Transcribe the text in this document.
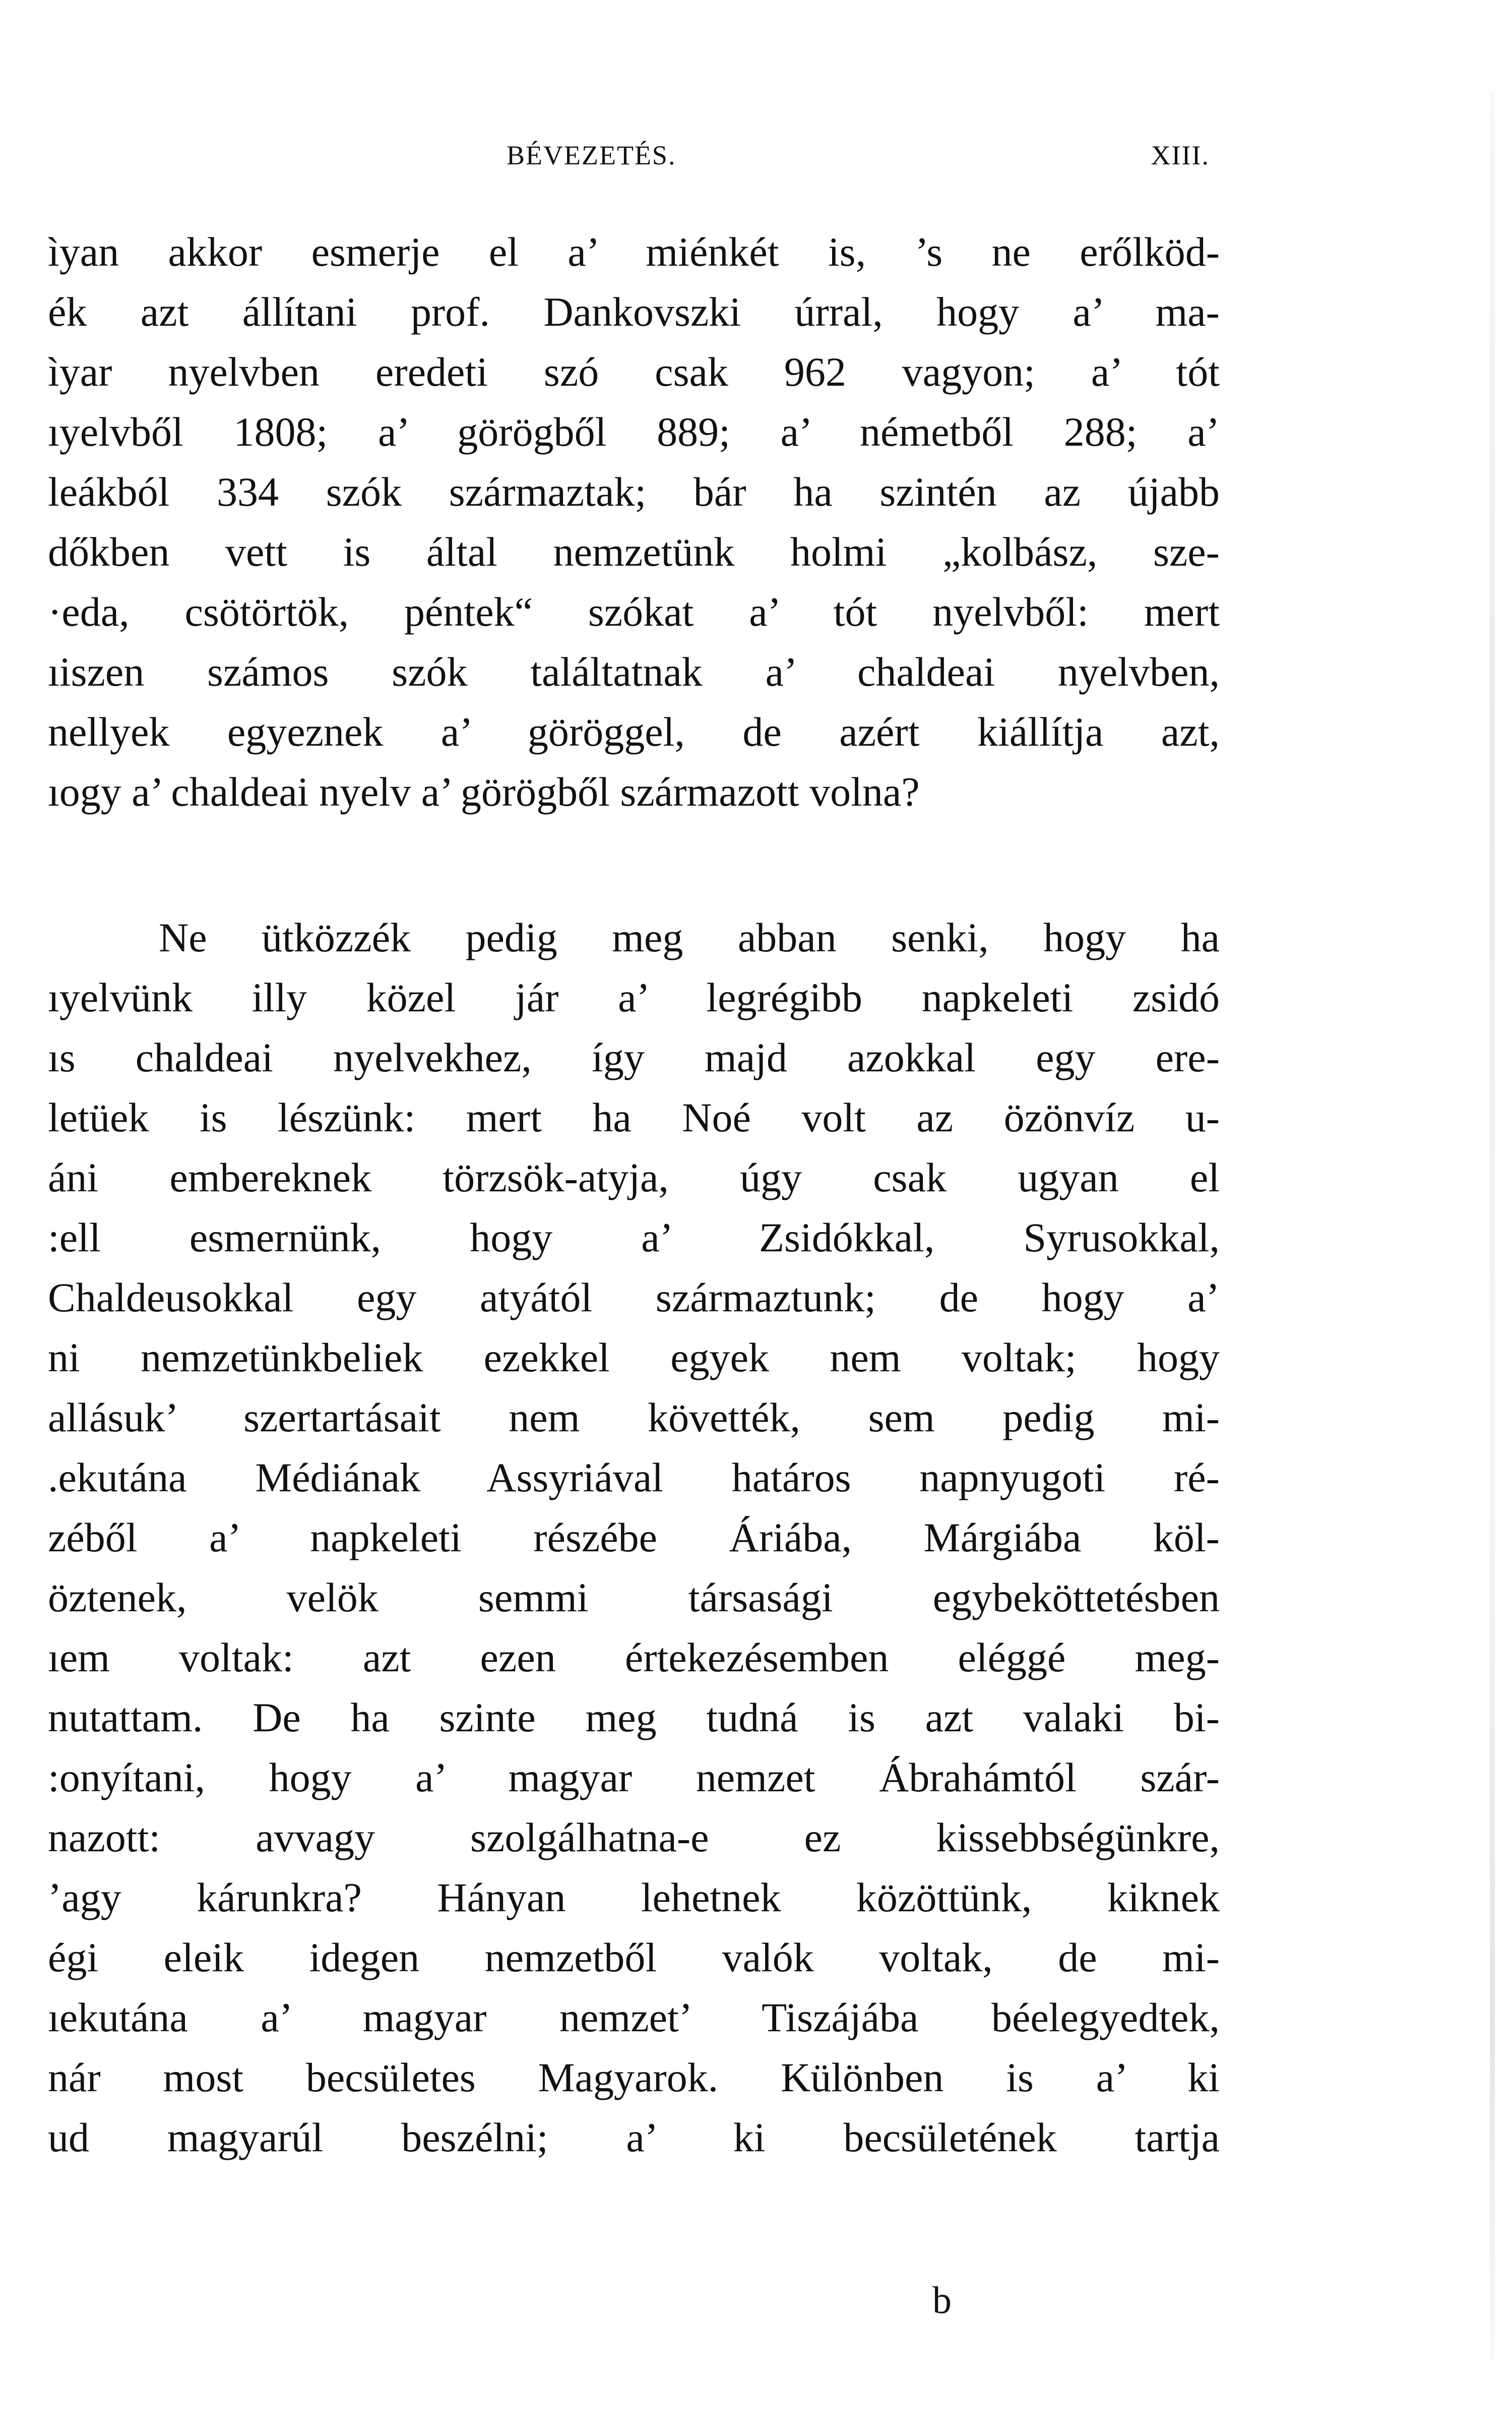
BÉVEZETÉS.	XIII.
ìyan akkor esmerje el a’ miénkét is, ’s ne erőlköd-
ék azt állítani prof. Dankovszki úrral, hogy a’ ma-
ìyar nyelvben eredeti szó csak 962 vagyon; a’ tót
ıyelvből 1808; a’ görögből 889; a’ németből 288; a’
leákból 334 szók származtak; bár ha szintén az újabb
dőkben vett is által nemzetünk holmi „kolbász, sze-
·eda, csötörtök, péntek“ szókat a’ tót nyelvből: mert
ıiszen számos szók találtatnak a’ chaldeai nyelvben,
nellyek egyeznek a’ göröggel, de azért kiállítja azt,
ıogy a’ chaldeai nyelv a’ görögből származott volna?
Ne ütközzék pedig meg abban senki, hogy ha
ıyelvünk illy közel jár a’ legrégibb napkeleti zsidó
ıs chaldeai nyelvekhez, így majd azokkal egy ere-
letüek is lészünk: mert ha Noé volt az özönvíz u-
áni embereknek törzsök-atyja, úgy csak ugyan el
:ell esmernünk, hogy a’ Zsidókkal, Syrusokkal,
Chaldeusokkal egy atyától származtunk; de hogy a’
ni nemzetünkbeliek ezekkel egyek nem voltak; hogy
allásuk’ szertartásait nem követték, sem pedig mi-
.ekutána Médiának Assyriával határos napnyugoti ré-
zéből a’ napkeleti részébe Áriába, Márgiába köl-
öztenek, velök semmi társasági egybeköttetésben
ıem voltak: azt ezen értekezésemben eléggé meg-
nutattam. De ha szinte meg tudná is azt valaki bi-
:onyítani, hogy a’ magyar nemzet Ábrahámtól szár-
nazott: avvagy szolgálhatna-e ez kissebbségünkre,
’agy kárunkra? Hányan lehetnek közöttünk, kiknek
égi eleik idegen nemzetből valók voltak, de mi-
ıekutána a’ magyar nemzet’ Tiszájába béelegyedtek,
nár most becsületes Magyarok. Különben is a’ ki
ud magyarúl beszélni; a’ ki becsületének tartja
b
